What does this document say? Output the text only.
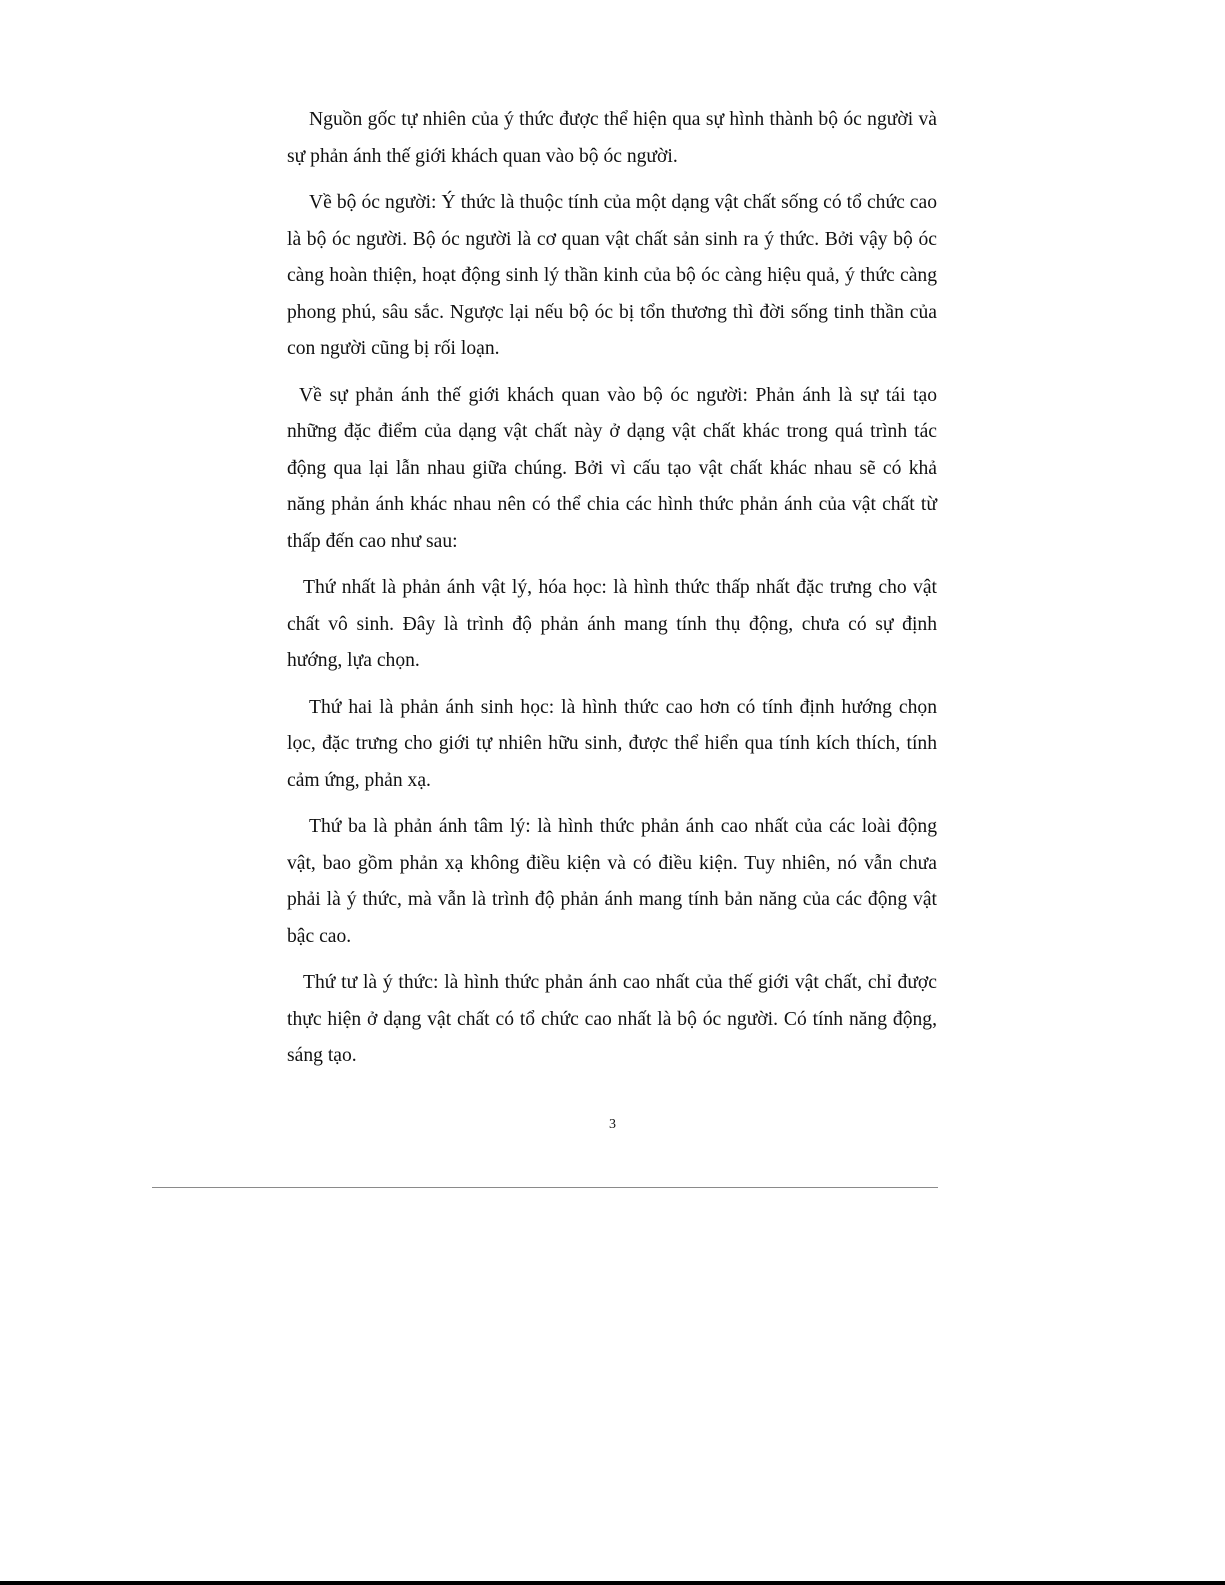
Nguồn gốc tự nhiên của ý thức được thể hiện qua sự hình thành bộ óc người và sự phản ánh thế giới khách quan vào bộ óc người.

Về bộ óc người: Ý thức là thuộc tính của một dạng vật chất sống có tổ chức cao là bộ óc người. Bộ óc người là cơ quan vật chất sản sinh ra ý thức. Bởi vậy bộ óc càng hoàn thiện, hoạt động sinh lý thần kinh của bộ óc càng hiệu quả, ý thức càng phong phú, sâu sắc. Ngược lại nếu bộ óc bị tổn thương thì đời sống tinh thần của con người cũng bị rối loạn.

Về sự phản ánh thế giới khách quan vào bộ óc người: Phản ánh là sự tái tạo những đặc điểm của dạng vật chất này ở dạng vật chất khác trong quá trình tác động qua lại lẫn nhau giữa chúng. Bởi vì cấu tạo vật chất khác nhau sẽ có khả năng phản ánh khác nhau nên có thể chia các hình thức phản ánh của vật chất từ thấp đến cao như sau:

Thứ nhất là phản ánh vật lý, hóa học: là hình thức thấp nhất đặc trưng cho vật chất vô sinh. Đây là trình độ phản ánh mang tính thụ động, chưa có sự định hướng, lựa chọn.

Thứ hai là phản ánh sinh học: là hình thức cao hơn có tính định hướng chọn lọc, đặc trưng cho giới tự nhiên hữu sinh, được thể hiển qua tính kích thích, tính cảm ứng, phản xạ.

Thứ ba là phản ánh tâm lý: là hình thức phản ánh cao nhất của các loài động vật, bao gồm phản xạ không điều kiện và có điều kiện. Tuy nhiên, nó vẫn chưa phải là ý thức, mà vẫn là trình độ phản ánh mang tính bản năng của các động vật bậc cao.

Thứ tư là ý thức: là hình thức phản ánh cao nhất của thế giới vật chất, chỉ được thực hiện ở dạng vật chất có tổ chức cao nhất là bộ óc người. Có tính năng động, sáng tạo.

3
